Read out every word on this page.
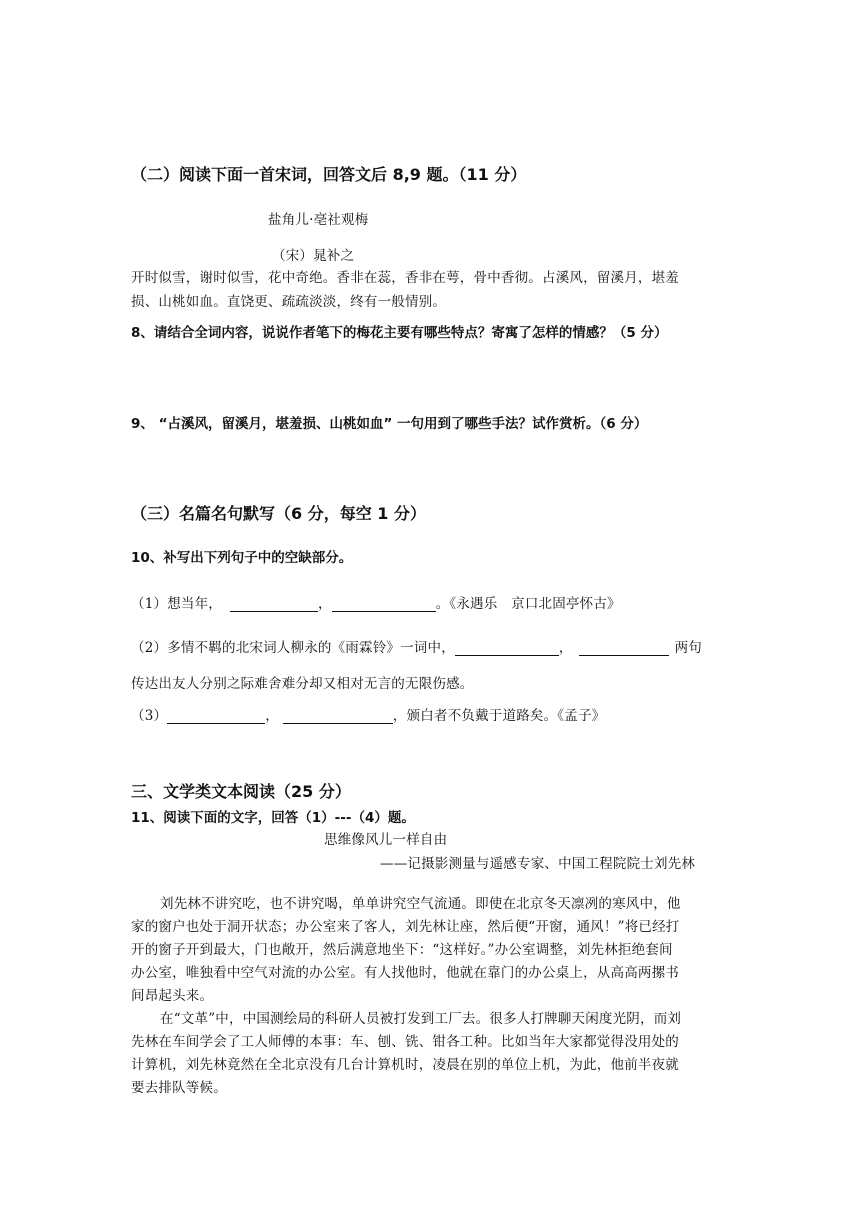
（二）阅读下面一首宋词，回答文后 8,9 题。（11 分）
盐角儿·亳社观梅
（宋）晁补之
开时似雪，谢时似雪，花中奇绝。香非在蕊，香非在萼，骨中香彻。占溪风，留溪月，堪羞
损、山桃如血。直饶更、疏疏淡淡，终有一般情别。
8、请结合全词内容，说说作者笔下的梅花主要有哪些特点？寄寓了怎样的情感？（5 分）
9、 “占溪风，留溪月，堪羞损、山桃如血” 一句用到了哪些手法？试作赏析。（6 分）
（三）名篇名句默写（6 分，每空 1 分）
10、补写出下列句子中的空缺部分。
（1）想当年，	，	。《永遇乐　京口北固亭怀古》
（2）多情不羁的北宋词人柳永的《雨霖铃》一词中，	，	两句
传达出友人分别之际难舍难分却又相对无言的无限伤感。
（3）	，	，颁白者不负戴于道路矣。《孟子》
三、文学类文本阅读（25 分）
11、阅读下面的文字，回答（1）---（4）题。
思维像风儿一样自由
——记摄影测量与遥感专家、中国工程院院士刘先林
刘先林不讲究吃，也不讲究喝，单单讲究空气流通。即使在北京冬天凛冽的寒风中，他
家的窗户也处于洞开状态；办公室来了客人，刘先林让座，然后便“开窗，通风！”将已经打
开的窗子开到最大，门也敞开，然后满意地坐下：“这样好。”办公室调整，刘先林拒绝套间
办公室，唯独看中空气对流的办公室。有人找他时，他就在靠门的办公桌上，从高高两摞书
间昂起头来。
在“文革”中，中国测绘局的科研人员被打发到工厂去。很多人打牌聊天闲度光阴，而刘
先林在车间学会了工人师傅的本事：车、刨、铣、钳各工种。比如当年大家都觉得没用处的
计算机，刘先林竟然在全北京没有几台计算机时，凌晨在别的单位上机，为此，他前半夜就
要去排队等候。
